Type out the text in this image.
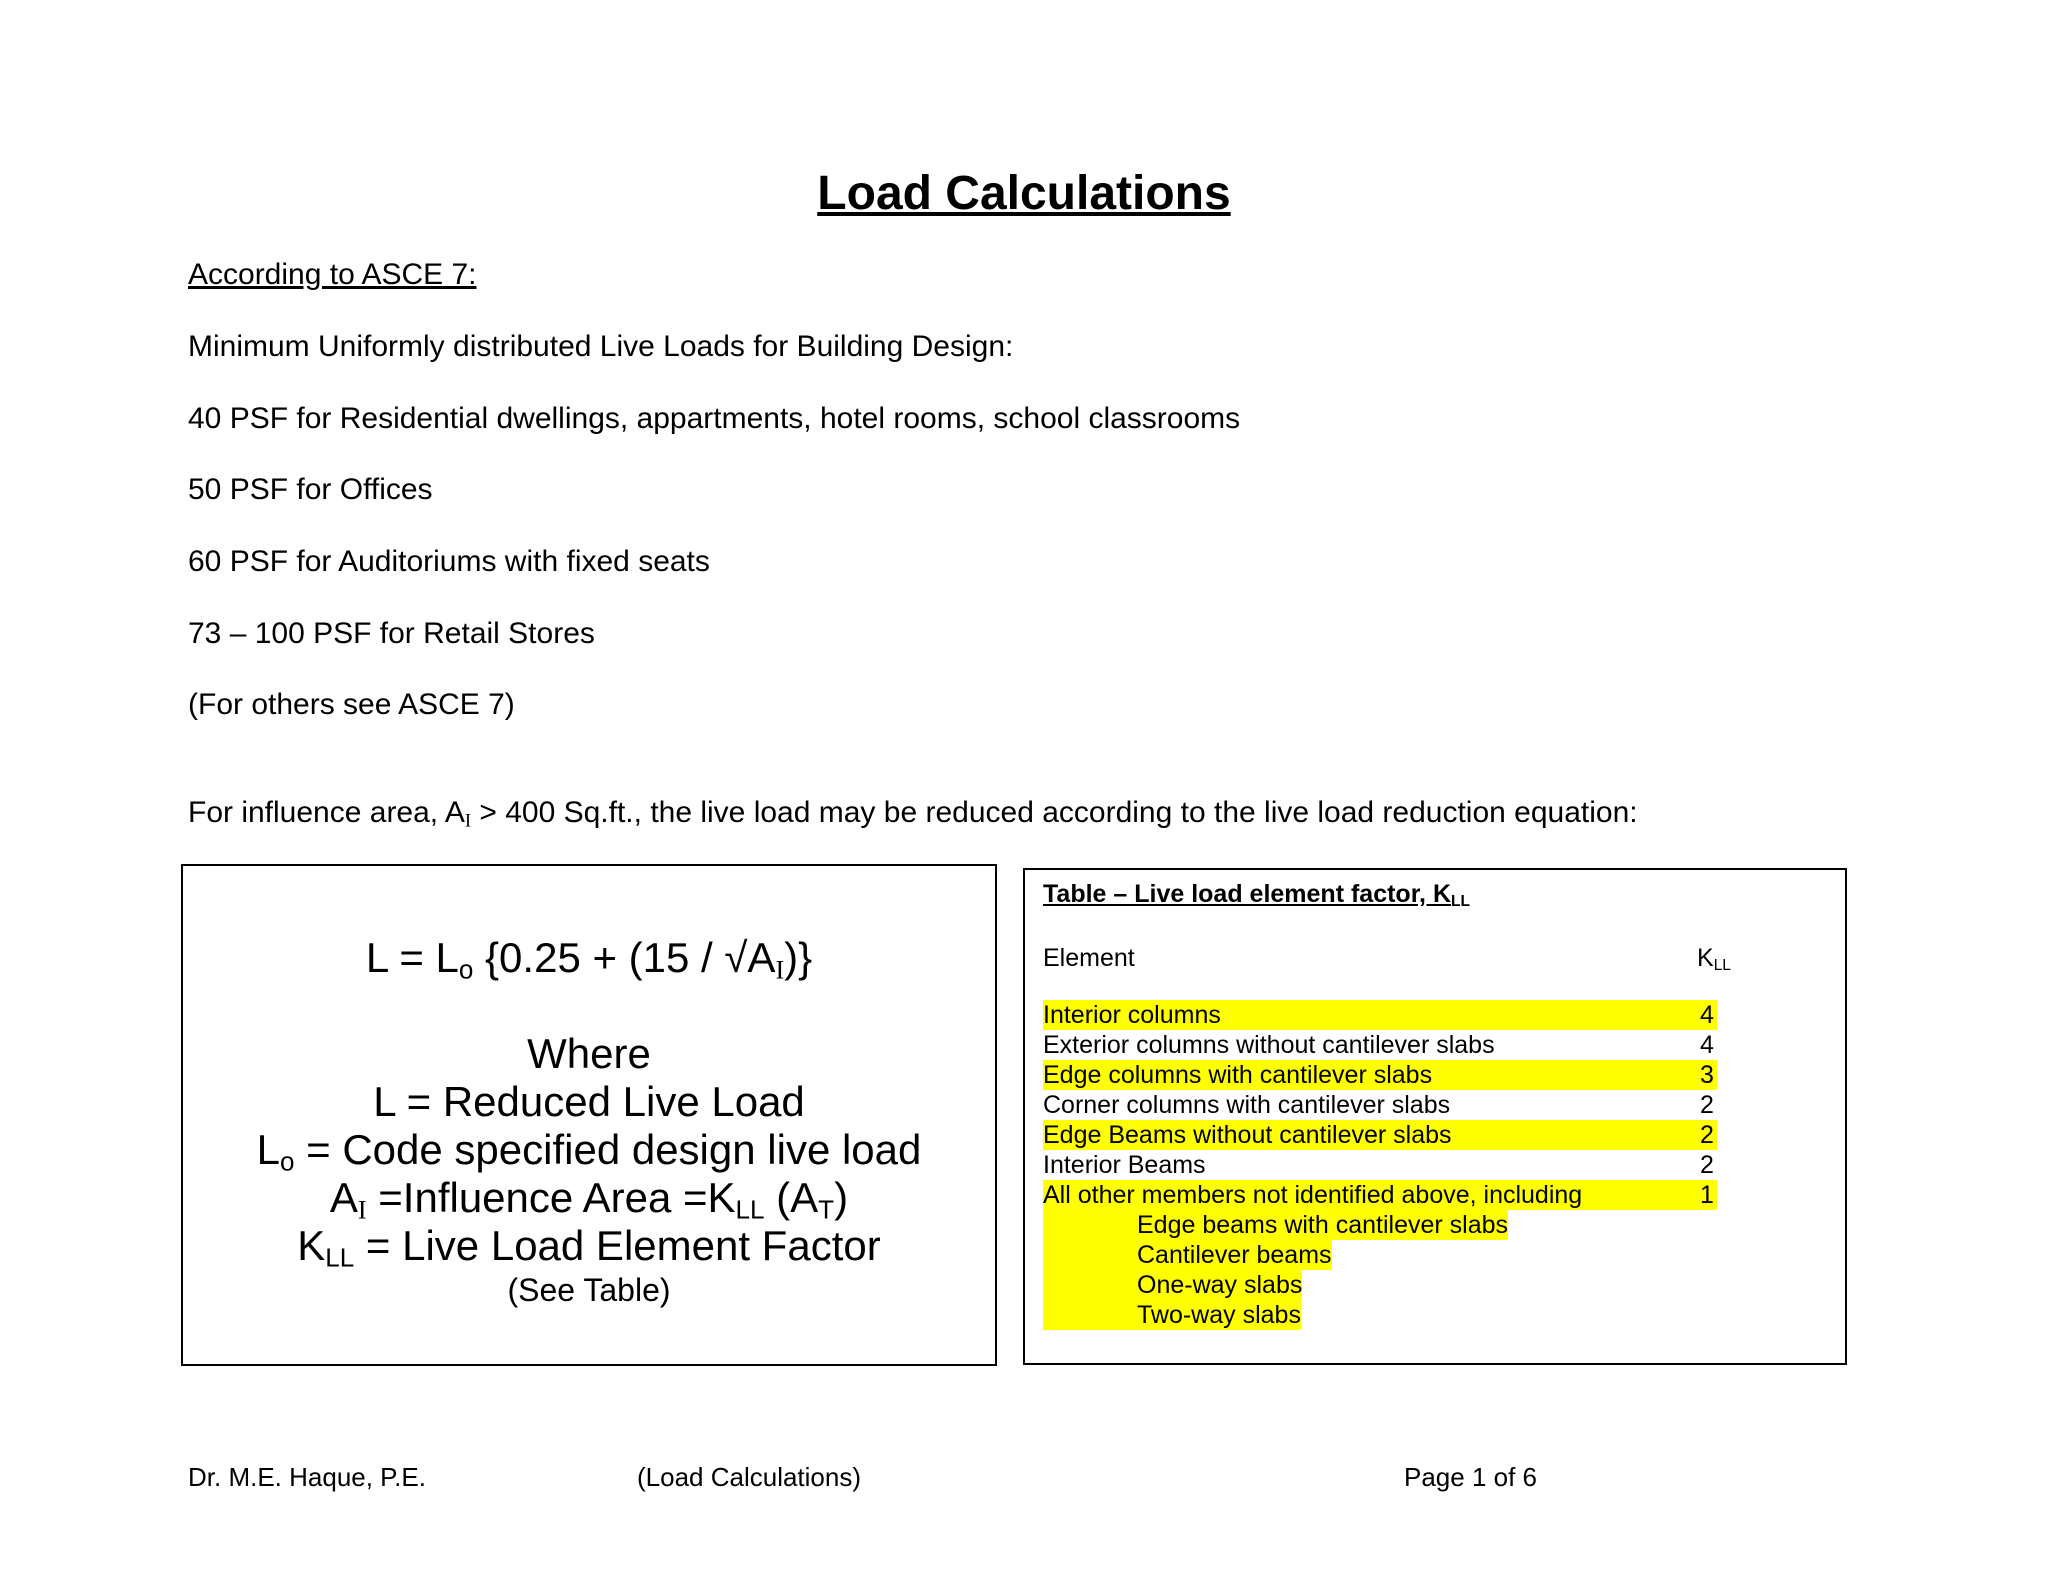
Load Calculations
According to ASCE 7:
Minimum Uniformly distributed Live Loads for Building Design:
40 PSF for Residential dwellings, appartments, hotel rooms, school classrooms
50 PSF for Offices
60 PSF for Auditoriums with fixed seats
73 – 100 PSF for Retail Stores
(For others see ASCE 7)
For influence area, $A_I > 400$ Sq.ft., the live load may be reduced according to the live load reduction equation:
$L = L_o$ $\{0.25 + (15 / √A_I)\}$
Where
L = Reduced Live Load
$L_o$ = Code specified design live load
$A_I$ =Influence Area $=K_{LL}$ $(A_T)$
$K_{LL}$ = Live Load Element Factor
(See Table)
Table – Live load element factor, $K_{LL}$
Element	$K_{LL}$
Interior columns	4
Exterior columns without cantilever slabs	4
Edge columns with cantilever slabs	3
Corner columns with cantilever slabs	2
Edge Beams without cantilever slabs	2
Interior Beams	2
All other members not identified above, including	1
Edge beams with cantilever slabs
Cantilever beams
One-way slabs
Two-way slabs
Dr. M.E. Haque, P.E.	(Load Calculations)	Page 1 of 6
